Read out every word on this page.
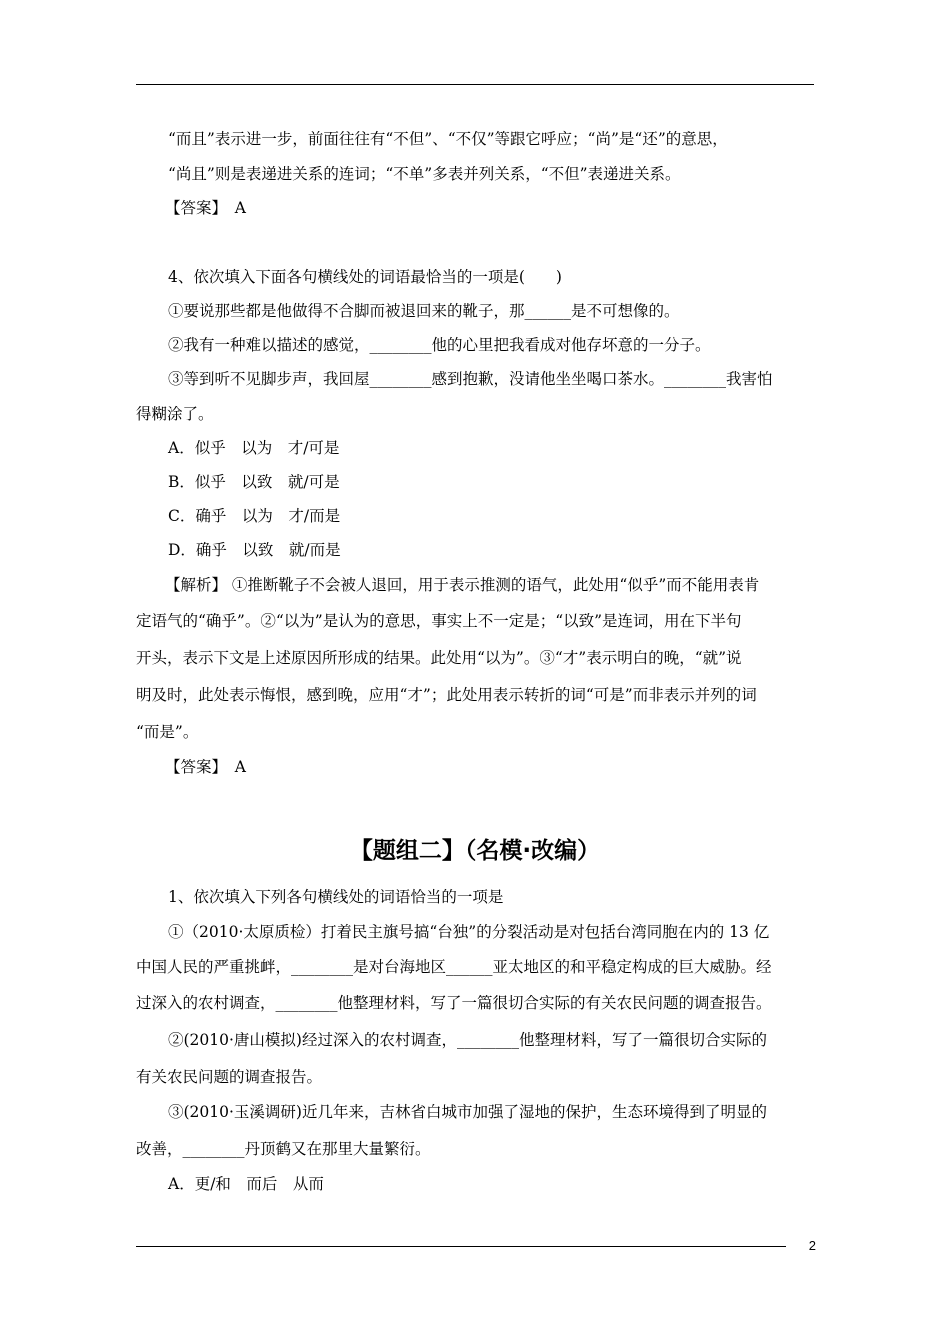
“而且”表示进一步，前面往往有“不但”、“不仅”等跟它呼应；“尚”是“还”的意思，
“尚且”则是表递进关系的连词；“不单”多表并列关系，“不但”表递进关系。
【答案】　A
4、依次填入下面各句横线处的词语最恰当的一项是(　　)
①要说那些都是他做得不合脚而被退回来的靴子，那______是不可想像的。
②我有一种难以描述的感觉，________他的心里把我看成对他存坏意的一分子。
③等到听不见脚步声，我回屋________感到抱歉，没请他坐坐喝口茶水。________我害怕
得糊涂了。
A．似乎　以为　才/可是
B．似乎　以致　就/可是
C．确乎　以为　才/而是
D．确乎　以致　就/而是
【解析】 ①推断靴子不会被人退回，用于表示推测的语气，此处用“似乎”而不能用表肯
定语气的“确乎”。②“以为”是认为的意思，事实上不一定是；“以致”是连词，用在下半句
开头，表示下文是上述原因所形成的结果。此处用“以为”。③“才”表示明白的晚，“就”说
明及时，此处表示悔恨，感到晚，应用“才”；此处用表示转折的词“可是”而非表示并列的词
“而是”。
【答案】　A
【题组二】（名模·改编）
1、依次填入下列各句横线处的词语恰当的一项是
①（2010·太原质检）打着民主旗号搞“台独”的分裂活动是对包括台湾同胞在内的 13 亿
中国人民的严重挑衅，________是对台海地区______亚太地区的和平稳定构成的巨大威胁。经
过深入的农村调查，________他整理材料，写了一篇很切合实际的有关农民问题的调查报告。
②(2010·唐山模拟)经过深入的农村调查，________他整理材料，写了一篇很切合实际的
有关农民问题的调查报告。
③(2010·玉溪调研)近几年来，吉林省白城市加强了湿地的保护，生态环境得到了明显的
改善，________丹顶鹤又在那里大量繁衍。
A．更/和　而后　从而
2
